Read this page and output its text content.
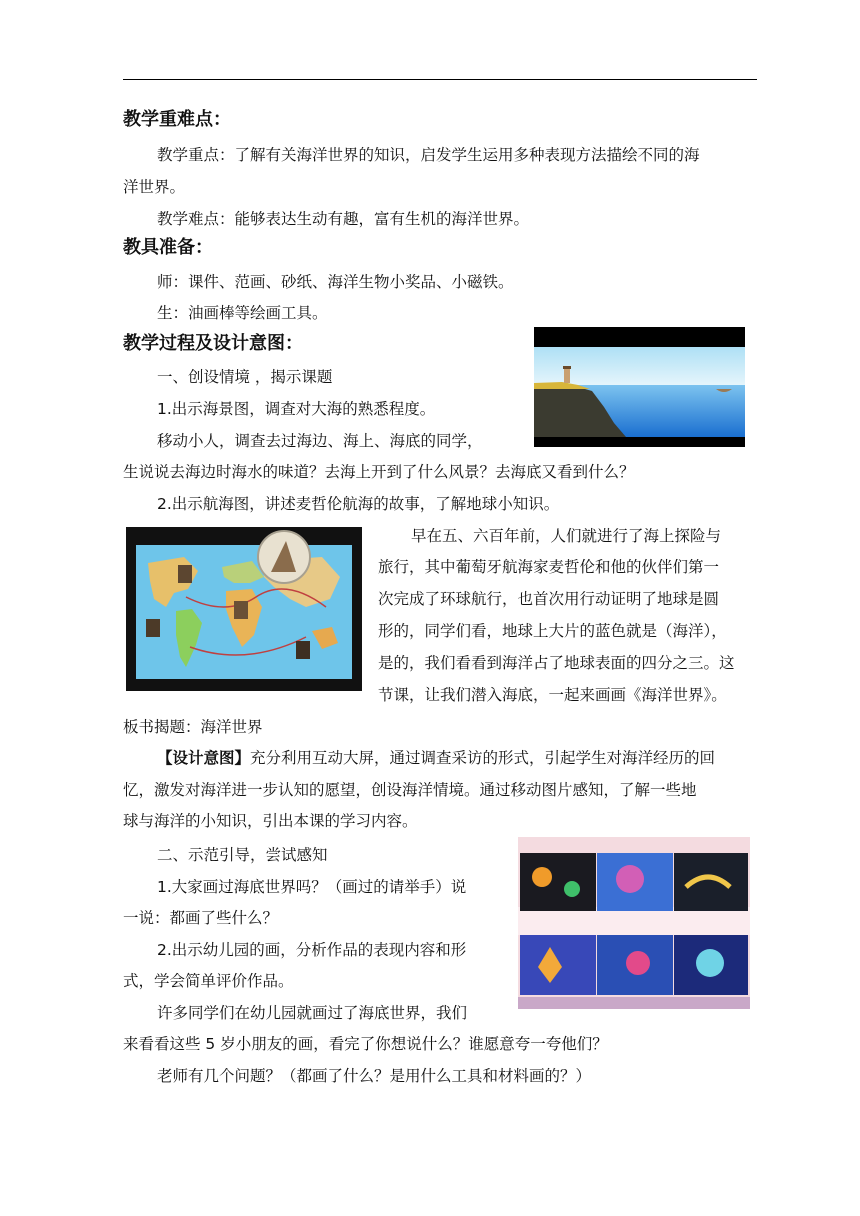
教学重难点：
教学重点：了解有关海洋世界的知识，启发学生运用多种表现方法描绘不同的海
洋世界。
教学难点：能够表达生动有趣，富有生机的海洋世界。
教具准备：
师：课件、范画、砂纸、海洋生物小奖品、小磁铁。
生：油画棒等绘画工具。
教学过程及设计意图：
一、创设情境 ，揭示课题
1.出示海景图，调查对大海的熟悉程度。
移动小人，调查去过海边、海上、海底的同学，
生说说去海边时海水的味道？去海上开到了什么风景？去海底又看到什么？
2.出示航海图，讲述麦哲伦航海的故事，了解地球小知识。
早在五、六百年前，人们就进行了海上探险与
旅行，其中葡萄牙航海家麦哲伦和他的伙伴们第一
次完成了环球航行，也首次用行动证明了地球是圆
形的，同学们看，地球上大片的蓝色就是（海洋），
是的，我们看看到海洋占了地球表面的四分之三。这
节课，让我们潜入海底，一起来画画《海洋世界》。
板书揭题：海洋世界
【设计意图】充分利用互动大屏，通过调查采访的形式，引起学生对海洋经历的回
忆，激发对海洋进一步认知的愿望，创设海洋情境。通过移动图片感知，了解一些地
球与海洋的小知识，引出本课的学习内容。
二、示范引导，尝试感知
1.大家画过海底世界吗？（画过的请举手）说
一说：都画了些什么？
2.出示幼儿园的画，分析作品的表现内容和形
式，学会简单评价作品。
许多同学们在幼儿园就画过了海底世界，我们
来看看这些 5 岁小朋友的画，看完了你想说什么？谁愿意夸一夸他们？
老师有几个问题？（都画了什么？是用什么工具和材料画的？）
